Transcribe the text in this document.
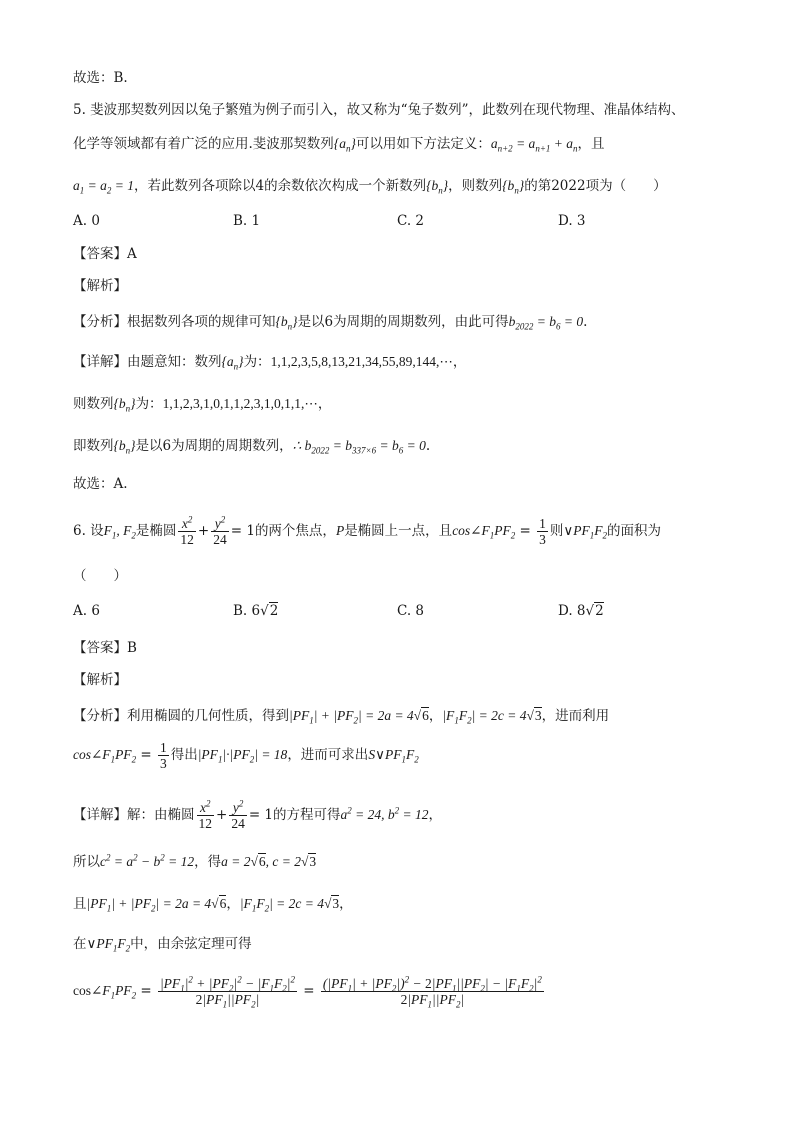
故选：B.
5. 斐波那契数列因以兔子繁殖为例子而引入，故又称为“兔子数列”，此数列在现代物理、准晶体结构、
化学等领域都有着广泛的应用.斐波那契数列$\{a_n\}$可以用如下方法定义：$a_{n+2} = a_{n+1} + a_n$，且
$a_1 = a_2 = 1$，若此数列各项除以4的余数依次构成一个新数列$\{b_n\}$，则数列$\{b_n\}$的第2022项为（　　）
A. 0	B. 1	C. 2	D. 3
【答案】A
【解析】
【分析】根据数列各项的规律可知$\{b_n\}$是以6为周期的周期数列，由此可得$b_{2022} = b_6 = 0$.
【详解】由题意知：数列$\{a_n\}$为：1,1,2,3,5,8,13,21,34,55,89,144,⋯，
则数列$\{b_n\}$为：1,1,2,3,1,0,1,1,2,3,1,0,1,1,⋯，
即数列$\{b_n\}$是以6为周期的周期数列，∴ $b_{2022} = b_{337\times 6} = b_6 = 0$.
故选：A.
6. 设$F_1$, $F_2$是椭圆 $\frac{x^2}{12} + \frac{y^2}{24} = 1$的两个焦点，P是椭圆上一点，且$\cos\angle F_1PF_2 = \frac{1}{3}$ 则$\vee PF_1F_2$的面积为
（　　）
A. 6	B. 6√2	C. 8	D. 8√2
【答案】B
【解析】
【分析】利用椭圆的几何性质，得到$|PF_1| + |PF_2| = 2a = 4√6$，$|F_1F_2| = 2c = 4√3$，进而利用
$\cos\angle F_1PF_2 = \frac{1}{3}$ 得出$|PF_1|\cdot|PF_2| = 18$，进而可求出$S\vee PF_1F_2$
【详解】解：由椭圆 $\frac{x^2}{12} + \frac{y^2}{24} = 1$的方程可得$a^2 = 24$, $b^2 = 12$，
所以$c^2 = a^2 - b^2 = 12$，得a = 2√6, c = 2√3
且$|PF_1| + |PF_2| = 2a = 4√6$，$|F_1F_2| = 2c = 4√3$，
在$\vee PF_1F_2$中，由余弦定理可得
$\cos\angle F_1PF_2 = \frac{|PF_1|^2 + |PF_2|^2 - |F_1F_2|^2}{2|PF_1||PF_2|} = \frac{(|PF_1| + |PF_2|)^2 - 2|PF_1||PF_2| - |F_1F_2|^2}{2|PF_1||PF_2|}$
